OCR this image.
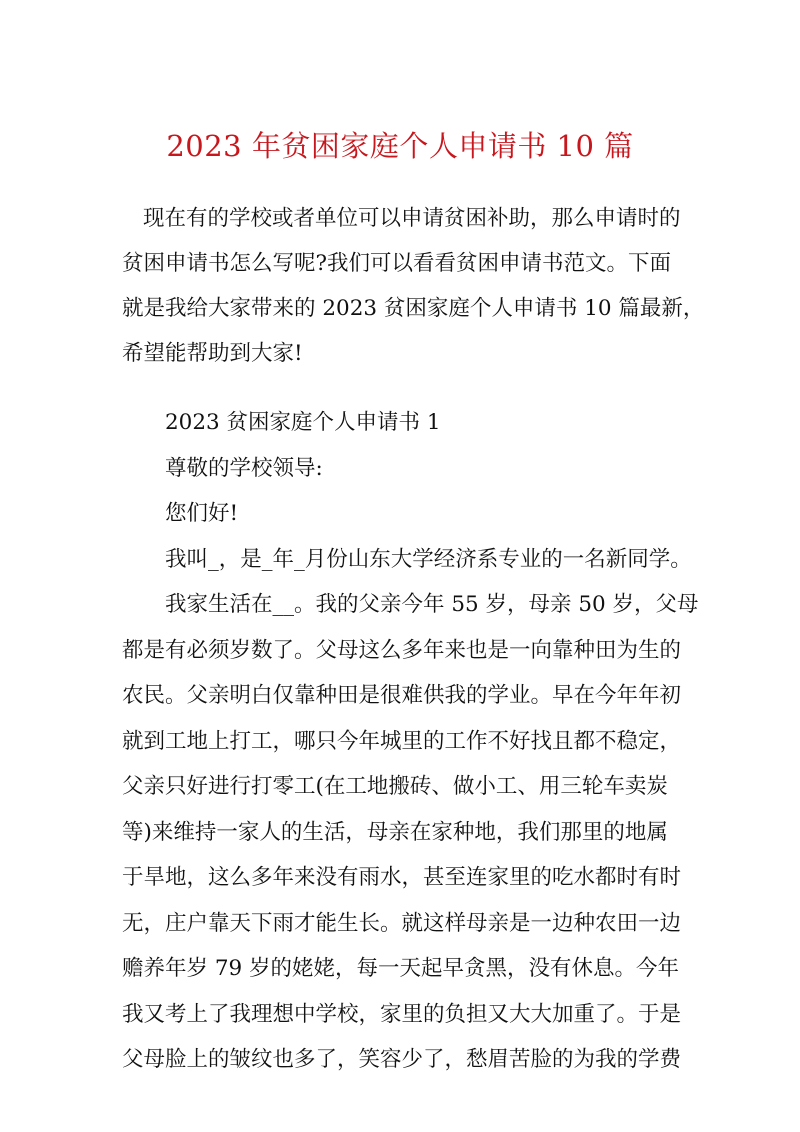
2023 年贫困家庭个人申请书 10 篇
现在有的学校或者单位可以申请贫困补助，那么申请时的
贫困申请书怎么写呢?我们可以看看贫困申请书范文。下面
就是我给大家带来的 2023 贫困家庭个人申请书 10 篇最新，
希望能帮助到大家!
2023 贫困家庭个人申请书 1
尊敬的学校领导:
您们好!
我叫_，是_年_月份山东大学经济系专业的一名新同学。
我家生活在__。我的父亲今年 55 岁，母亲 50 岁，父母
都是有必须岁数了。父母这么多年来也是一向靠种田为生的
农民。父亲明白仅靠种田是很难供我的学业。早在今年年初
就到工地上打工，哪只今年城里的工作不好找且都不稳定，
父亲只好进行打零工(在工地搬砖、做小工、用三轮车卖炭
等)来维持一家人的生活，母亲在家种地，我们那里的地属
于旱地，这么多年来没有雨水，甚至连家里的吃水都时有时
无，庄户靠天下雨才能生长。就这样母亲是一边种农田一边
赡养年岁 79 岁的姥姥，每一天起早贪黑，没有休息。今年
我又考上了我理想中学校，家里的负担又大大加重了。于是
父母脸上的皱纹也多了，笑容少了，愁眉苦脸的为我的学费
